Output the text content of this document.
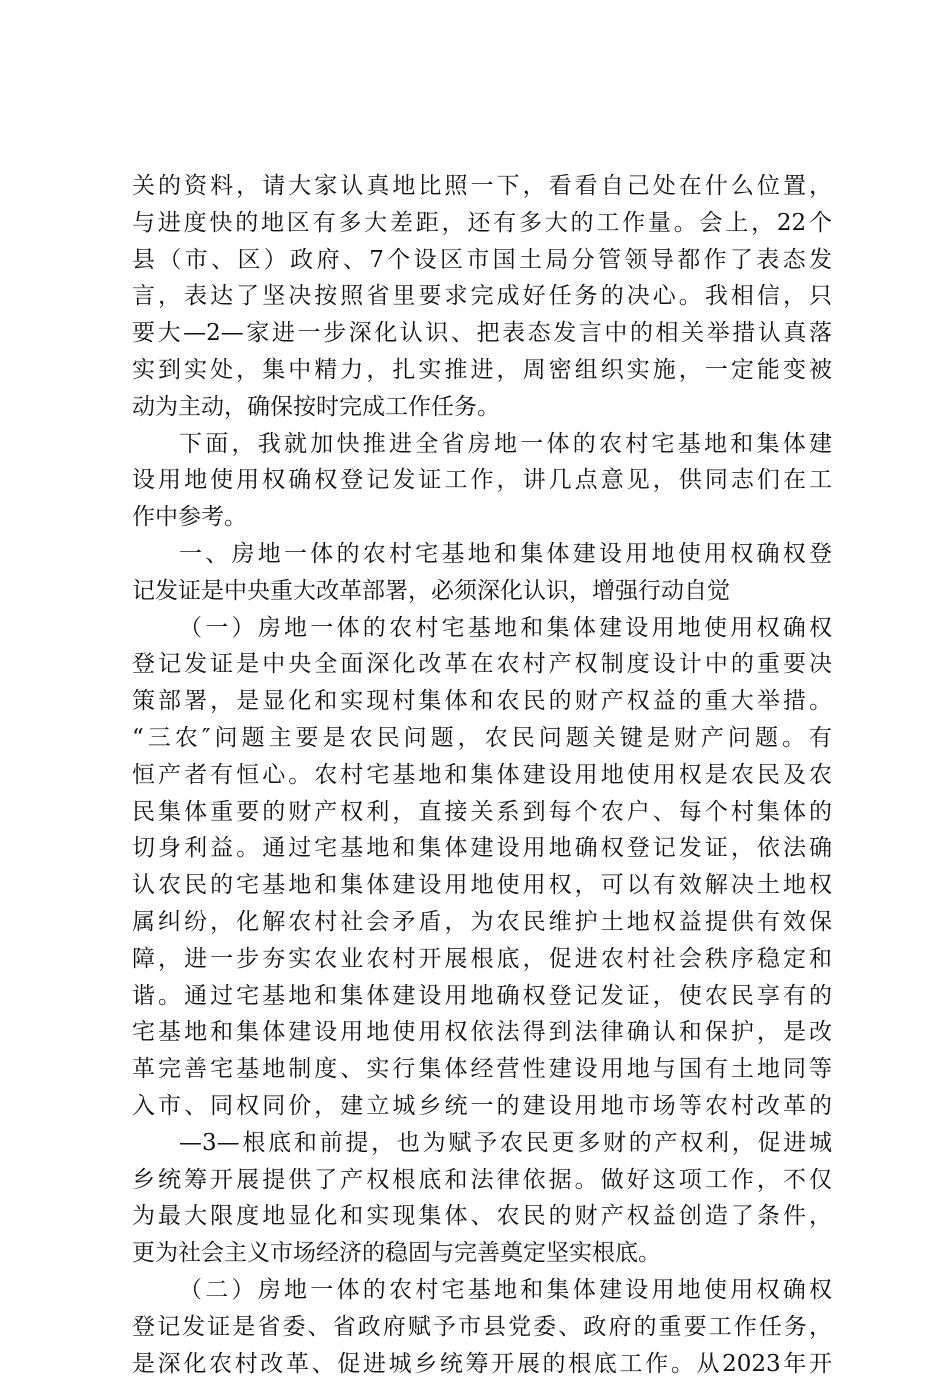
关的资料，请大家认真地比照一下，看看自己处在什么位置，
与进度快的地区有多大差距，还有多大的工作量。会上，22个
县（市、区）政府、7个设区市国土局分管领导都作了表态发
言，表达了坚决按照省里要求完成好任务的决心。我相信，只
要大—2—家进一步深化认识、把表态发言中的相关举措认真落
实到实处，集中精力，扎实推进，周密组织实施，一定能变被
动为主动，确保按时完成工作任务。
下面，我就加快推进全省房地一体的农村宅基地和集体建
设用地使用权确权登记发证工作，讲几点意见，供同志们在工
作中参考。
一、房地一体的农村宅基地和集体建设用地使用权确权登
记发证是中央重大改革部署，必须深化认识，增强行动自觉
（一）房地一体的农村宅基地和集体建设用地使用权确权
登记发证是中央全面深化改革在农村产权制度设计中的重要决
策部署，是显化和实现村集体和农民的财产权益的重大举措。
“三农″问题主要是农民问题，农民问题关键是财产问题。有
恒产者有恒心。农村宅基地和集体建设用地使用权是农民及农
民集体重要的财产权利，直接关系到每个农户、每个村集体的
切身利益。通过宅基地和集体建设用地确权登记发证，依法确
认农民的宅基地和集体建设用地使用权，可以有效解决土地权
属纠纷，化解农村社会矛盾，为农民维护土地权益提供有效保
障，进一步夯实农业农村开展根底，促进农村社会秩序稳定和
谐。通过宅基地和集体建设用地确权登记发证，使农民享有的
宅基地和集体建设用地使用权依法得到法律确认和保护，是改
革完善宅基地制度、实行集体经营性建设用地与国有土地同等
入市、同权同价，建立城乡统一的建设用地市场等农村改革的
—3—根底和前提，也为赋予农民更多财的产权利，促进城
乡统筹开展提供了产权根底和法律依据。做好这项工作，不仅
为最大限度地显化和实现集体、农民的财产权益创造了条件，
更为社会主义市场经济的稳固与完善奠定坚实根底。
（二）房地一体的农村宅基地和集体建设用地使用权确权
登记发证是省委、省政府赋予市县党委、政府的重要工作任务，
是深化农村改革、促进城乡统筹开展的根底工作。从2023年开
